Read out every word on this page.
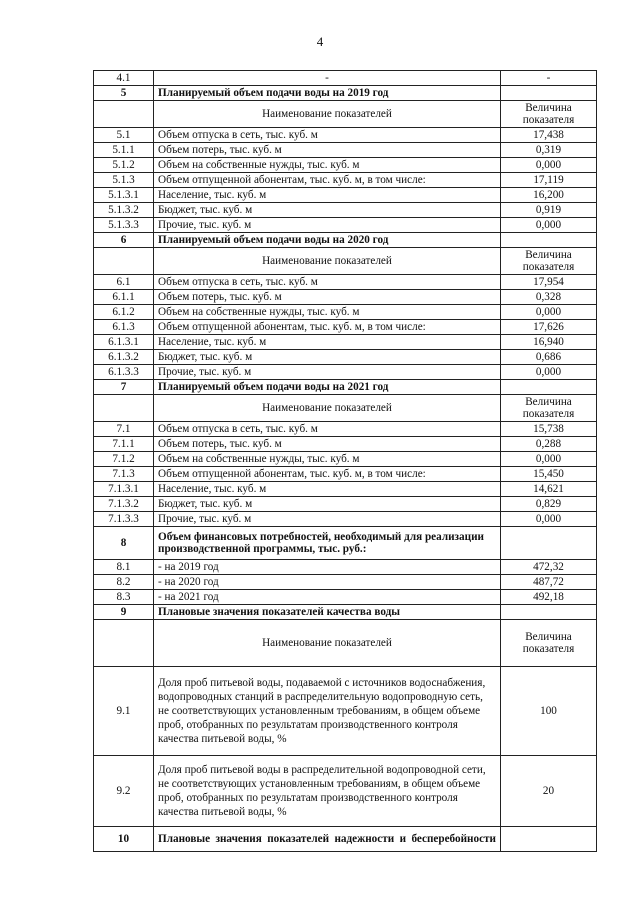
4
4.1	-	-
5	Планируемый объем подачи воды на 2019 год	
	Наименование показателей	Величина показателя
5.1	Объем отпуска в сеть, тыс. куб. м	17,438
5.1.1	Объем потерь, тыс. куб. м	0,319
5.1.2	Объем на собственные нужды, тыс. куб. м	0,000
5.1.3	Объем отпущенной абонентам, тыс. куб. м, в том числе:	17,119
5.1.3.1	Население, тыс. куб. м	16,200
5.1.3.2	Бюджет, тыс. куб. м	0,919
5.1.3.3	Прочие, тыс. куб. м	0,000
6	Планируемый объем подачи воды на 2020 год	
	Наименование показателей	Величина показателя
6.1	Объем отпуска в сеть, тыс. куб. м	17,954
6.1.1	Объем потерь, тыс. куб. м	0,328
6.1.2	Объем на собственные нужды, тыс. куб. м	0,000
6.1.3	Объем отпущенной абонентам, тыс. куб. м, в том числе:	17,626
6.1.3.1	Население, тыс. куб. м	16,940
6.1.3.2	Бюджет, тыс. куб. м	0,686
6.1.3.3	Прочие, тыс. куб. м	0,000
7	Планируемый объем подачи воды на 2021 год	
	Наименование показателей	Величина показателя
7.1	Объем отпуска в сеть, тыс. куб. м	15,738
7.1.1	Объем потерь, тыс. куб. м	0,288
7.1.2	Объем на собственные нужды, тыс. куб. м	0,000
7.1.3	Объем отпущенной абонентам, тыс. куб. м, в том числе:	15,450
7.1.3.1	Население, тыс. куб. м	14,621
7.1.3.2	Бюджет, тыс. куб. м	0,829
7.1.3.3	Прочие, тыс. куб. м	0,000
8	Объем финансовых потребностей, необходимый для реализации производственной программы, тыс. руб.:	
8.1	- на 2019 год	472,32
8.2	- на 2020 год	487,72
8.3	- на 2021 год	492,18
9	Плановые значения показателей качества воды	
	Наименование показателей	Величина показателя
9.1	Доля проб питьевой воды, подаваемой с источников водоснабжения, водопроводных станций в распределительную водопроводную сеть, не соответствующих установленным требованиям, в общем объеме проб, отобранных по результатам производственного контроля качества питьевой воды, %	100
9.2	Доля проб питьевой воды в распределительной водопроводной сети, не соответствующих установленным требованиям, в общем объеме проб, отобранных по результатам производственного контроля качества питьевой воды, %	20
10	Плановые значения показателей надежности и бесперебойности	
